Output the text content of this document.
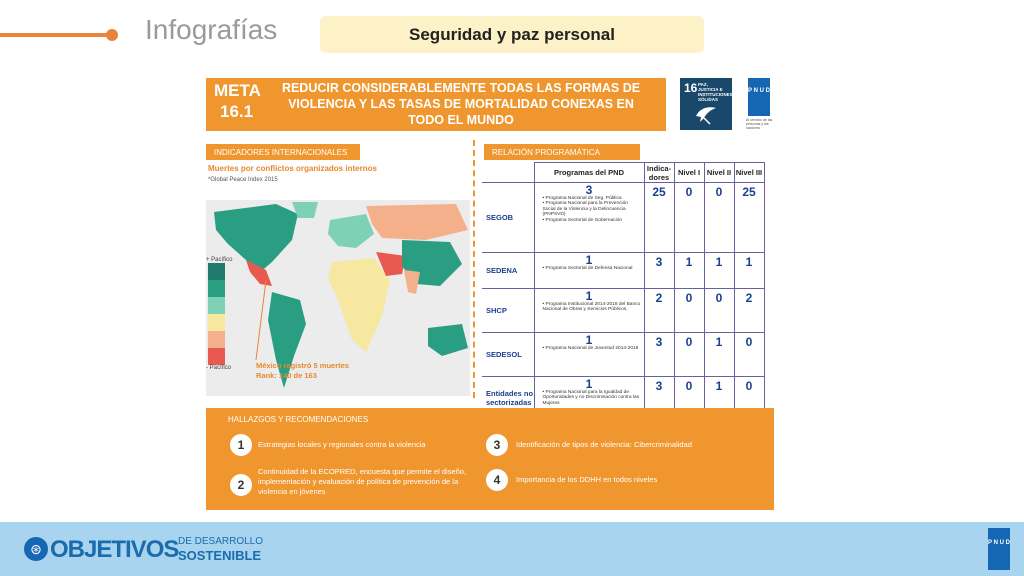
Infografías	Seguridad y paz personal
META
16.1
REDUCIR CONSIDERABLEMENTE TODAS LAS FORMAS DE VIOLENCIA Y LAS TASAS DE MORTALIDAD CONEXAS EN TODO EL MUNDO
16 PAZ, JUSTICIA E INSTITUCIONES SÓLIDAS
P N U D
Al servicio de las personas y las naciones
INDICADORES INTERNACIONALES
Muertes por conflictos organizados internos
*Global Peace Index 2015
+ Pacífico
- Pacífico	México registró 5 muertes
Rank: 140 de 163
RELACIÓN PROGRAMÁTICA
	Programas del PND	Indica-dores	Nivel I	Nivel II	Nivel III
SEGOB	3
• Programa Nacional de Seg. Pública
• Programa Nacional para la Prevención Social de la Violencia y la Delincuencia (PNPSVD)
• Programa Sectorial de Gobernación	25	0	0	25
SEDENA	1
• Programa Sectorial de Defensa Nacional	3	1	1	1
SHCP	1
• Programa Institucional 2014-2018 del Banco Nacional de Obras y Servicios Públicos,	2	0	0	2
SEDESOL	1
• Programa Nacional de Juventud 2014-2018	3	0	1	0
Entidades no sectorizadas	1
• Programa Nacional para la Igualdad de Oportunidades y no Discriminación contra las Mujeres	3	0	1	0
HALLAZGOS Y RECOMENDACIONES
1	Estrategias locales y regionales contra la violencia
2
Continuidad de la ECOPRED, encuesta que permite el diseño, implementación y evaluación de política de prevención de la violencia en jóvenes
3	Identificación de tipos de violencia: Cibercriminalidad
4	Importancia de los DDHH en todos niveles
⊛ OBJETIVOS DE DESARROLLO
SOSTENIBLE
P N U D
